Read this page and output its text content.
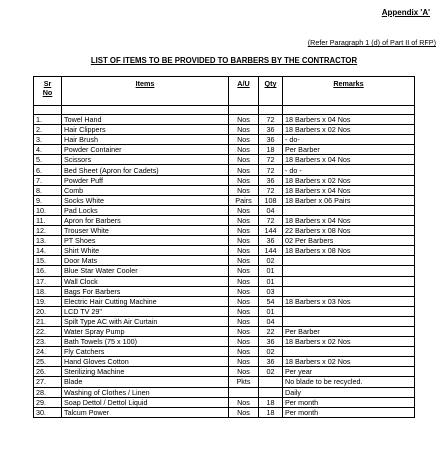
Appendix 'A'
(Refer Paragraph 1 (d) of Part II of RFP)
LIST OF ITEMS TO BE PROVIDED TO BARBERS BY THE CONTRACTOR
Sr
No	Items	A/U	Qty	Remarks

1.	Towel Hand	Nos	72	18 Barbers x 04 Nos
2.	Hair Clippers	Nos	36	18 Barbers x 02 Nos
3.	Hair Brush	Nos	36	- do-
4.	Powder Container	Nos	18	Per Barber
5.	Scissors	Nos	72	18 Barbers x 04 Nos
6.	Bed Sheet (Apron for Cadets)	Nos	72	- do -
7.	Powder Puff	Nos	36	18 Barbers x 02 Nos
8.	Comb	Nos	72	18 Barbers x 04 Nos
9.	Socks White	Pairs	108	18 Barber x 06 Pairs
10.	Pad Locks	Nos	04	
11.	Apron for Barbers	Nos	72	18 Barbers x 04 Nos
12.	Trouser White	Nos	144	22 Barbers x 08 Nos
13.	PT Shoes	Nos	36	02 Per Barbers
14.	Shirt White	Nos	144	18 Barbers x 08 Nos
15.	Door Mats	Nos	02	
16.	Blue Star Water Cooler	Nos	01	
17.	Wall Clock	Nos	01	
18.	Bags For Barbers	Nos	03	
19.	Electric Hair Cutting Machine	Nos	54	18 Barbers x 03 Nos
20.	LCD TV 29"	Nos	01	
21.	Spilt Type AC with Air Curtain	Nos	04	
22.	Water Spray Pump	Nos	22	Per Barber
23.	Bath Towels (75 x 100)	Nos	36	18 Barbers x 02 Nos
24.	Fly Catchers	Nos	02	
25.	Hand Gloves Cotton	Nos	36	18 Barbers x 02 Nos
26.	Sterilizing Machine	Nos	02	Per year
27.	Blade	Pkts		No blade to be recycled.
28.	Washing of Clothes / Linen			Daily
29.	Soap Dettol / Dettol Liquid	Nos	18	Per month
30.	Talcum Power	Nos	18	Per month
